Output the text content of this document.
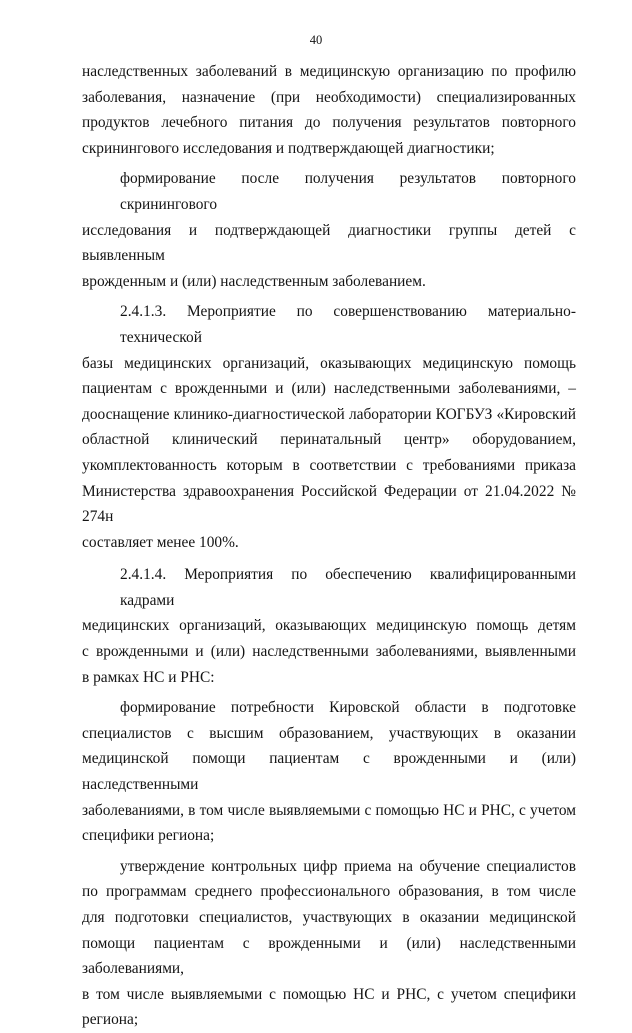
40
наследственных заболеваний в медицинскую организацию по профилю
заболевания, назначение (при необходимости) специализированных
продуктов лечебного питания до получения результатов повторного
скринингового исследования и подтверждающей диагностики;
формирование после получения результатов повторного скринингового
исследования и подтверждающей диагностики группы детей с выявленным
врожденным и (или) наследственным заболеванием.
2.4.1.3. Мероприятие по совершенствованию материально-технической
базы медицинских организаций, оказывающих медицинскую помощь
пациентам с врожденными и (или) наследственными заболеваниями, –
дооснащение клинико-диагностической лаборатории КОГБУЗ «Кировский
областной клинический перинатальный центр» оборудованием,
укомплектованность которым в соответствии с требованиями приказа
Министерства здравоохранения Российской Федерации от 21.04.2022 № 274н
составляет менее 100%.
2.4.1.4. Мероприятия по обеспечению квалифицированными кадрами
медицинских организаций, оказывающих медицинскую помощь детям
с врожденными и (или) наследственными заболеваниями, выявленными
в рамках НС и РНС:
формирование потребности Кировской области в подготовке
специалистов с высшим образованием, участвующих в оказании
медицинской помощи пациентам с врожденными и (или) наследственными
заболеваниями, в том числе выявляемыми с помощью НС и РНС, с учетом
специфики региона;
утверждение контрольных цифр приема на обучение специалистов
по программам среднего профессионального образования, в том числе
для подготовки специалистов, участвующих в оказании медицинской
помощи пациентам с врожденными и (или) наследственными заболеваниями,
в том числе выявляемыми с помощью НС и РНС, с учетом специфики
региона;
